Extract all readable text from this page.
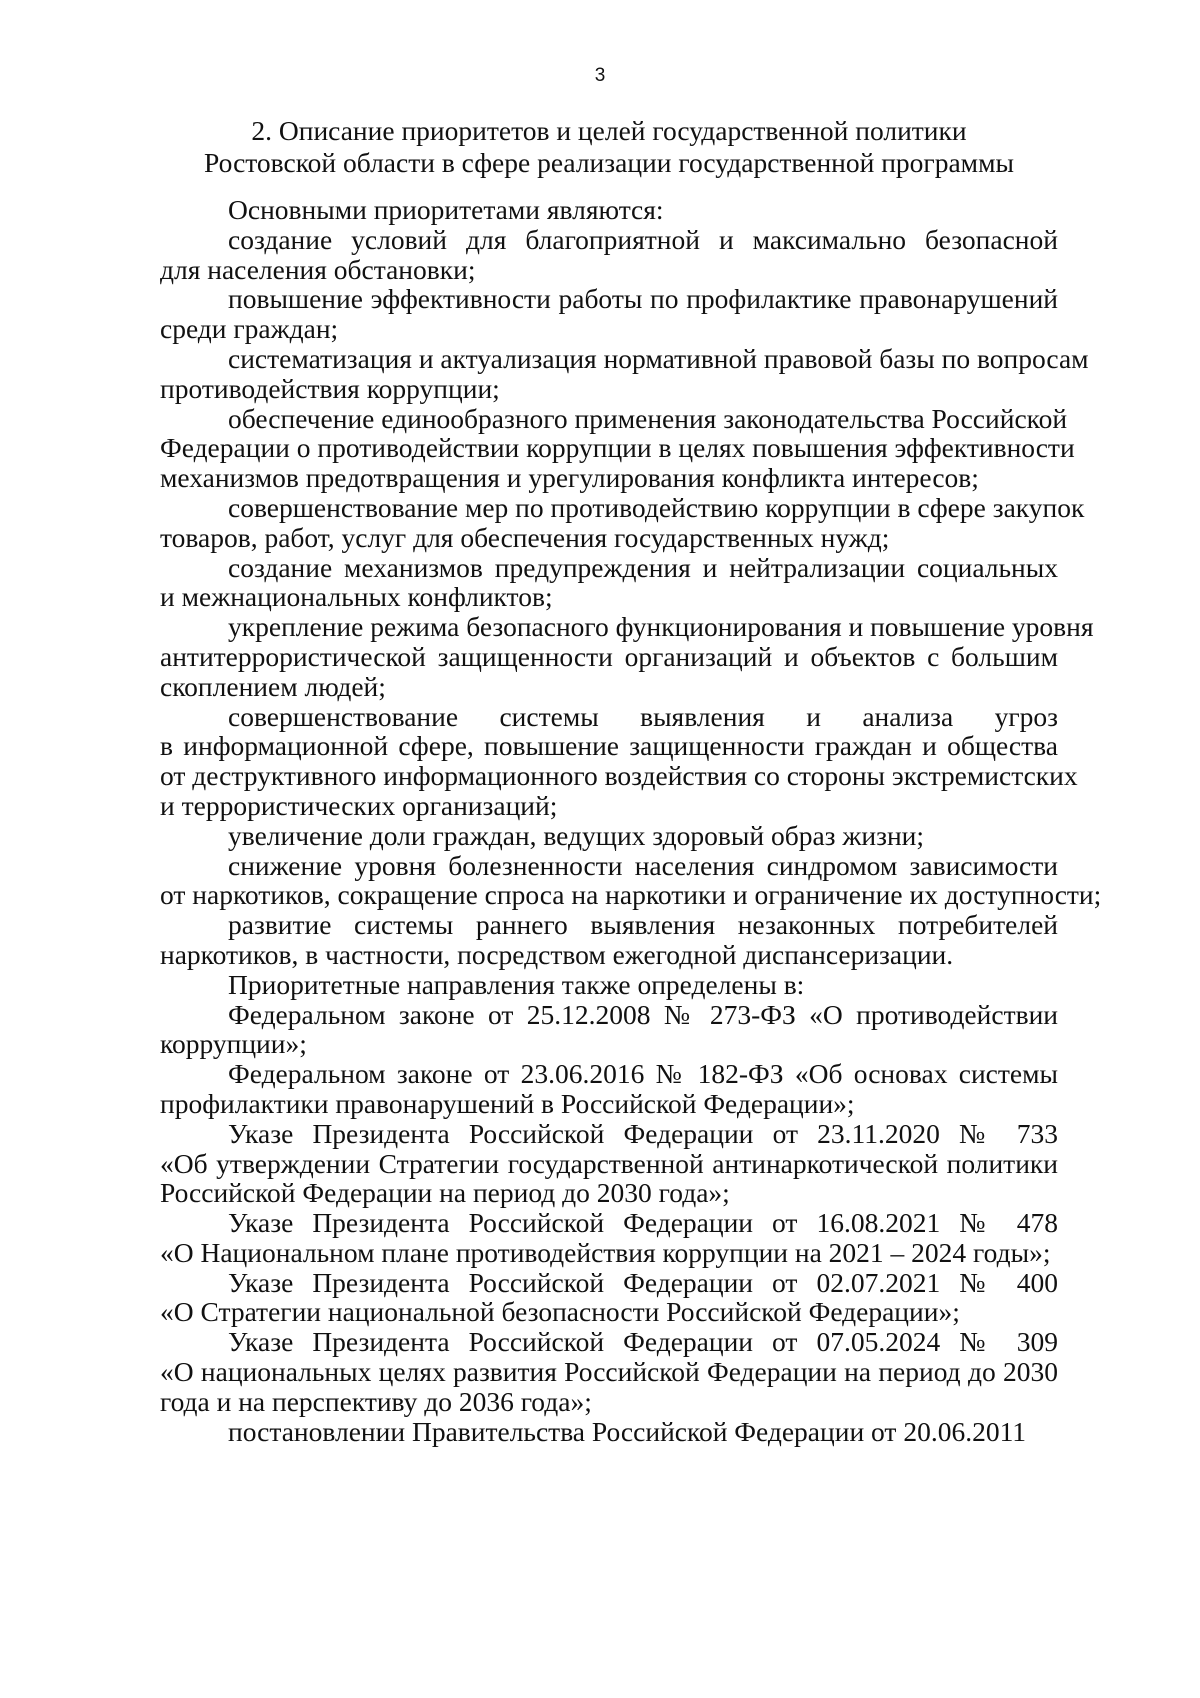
3
2. Описание приоритетов и целей государственной политики
Ростовской области в сфере реализации государственной программы
Основными приоритетами являются:
создание условий для благоприятной и максимально безопасной
для населения обстановки;
повышение эффективности работы по профилактике правонарушений
среди граждан;
систематизация и актуализация нормативной правовой базы по вопросам
противодействия коррупции;
обеспечение единообразного применения законодательства Российской
Федерации о противодействии коррупции в целях повышения эффективности
механизмов предотвращения и урегулирования конфликта интересов;
совершенствование мер по противодействию коррупции в сфере закупок
товаров, работ, услуг для обеспечения государственных нужд;
создание механизмов предупреждения и нейтрализации социальных
и межнациональных конфликтов;
укрепление режима безопасного функционирования и повышение уровня
антитеррористической защищенности организаций и объектов с большим
скоплением людей;
совершенствование системы выявления и анализа угроз
в информационной сфере, повышение защищенности граждан и общества
от деструктивного информационного воздействия со стороны экстремистских
и террористических организаций;
увеличение доли граждан, ведущих здоровый образ жизни;
снижение уровня болезненности населения синдромом зависимости
от наркотиков, сокращение спроса на наркотики и ограничение их доступности;
развитие системы раннего выявления незаконных потребителей
наркотиков, в частности, посредством ежегодной диспансеризации.
Приоритетные направления также определены в:
Федеральном законе от 25.12.2008 № 273-ФЗ «О противодействии
коррупции»;
Федеральном законе от 23.06.2016 № 182-ФЗ «Об основах системы
профилактики правонарушений в Российской Федерации»;
Указе Президента Российской Федерации от 23.11.2020 № 733
«Об утверждении Стратегии государственной антинаркотической политики
Российской Федерации на период до 2030 года»;
Указе Президента Российской Федерации от 16.08.2021 № 478
«О Национальном плане противодействия коррупции на 2021 – 2024 годы»;
Указе Президента Российской Федерации от 02.07.2021 № 400
«О Стратегии национальной безопасности Российской Федерации»;
Указе Президента Российской Федерации от 07.05.2024 № 309
«О национальных целях развития Российской Федерации на период до 2030
года и на перспективу до 2036 года»;
постановлении Правительства Российской Федерации от 20.06.2011
